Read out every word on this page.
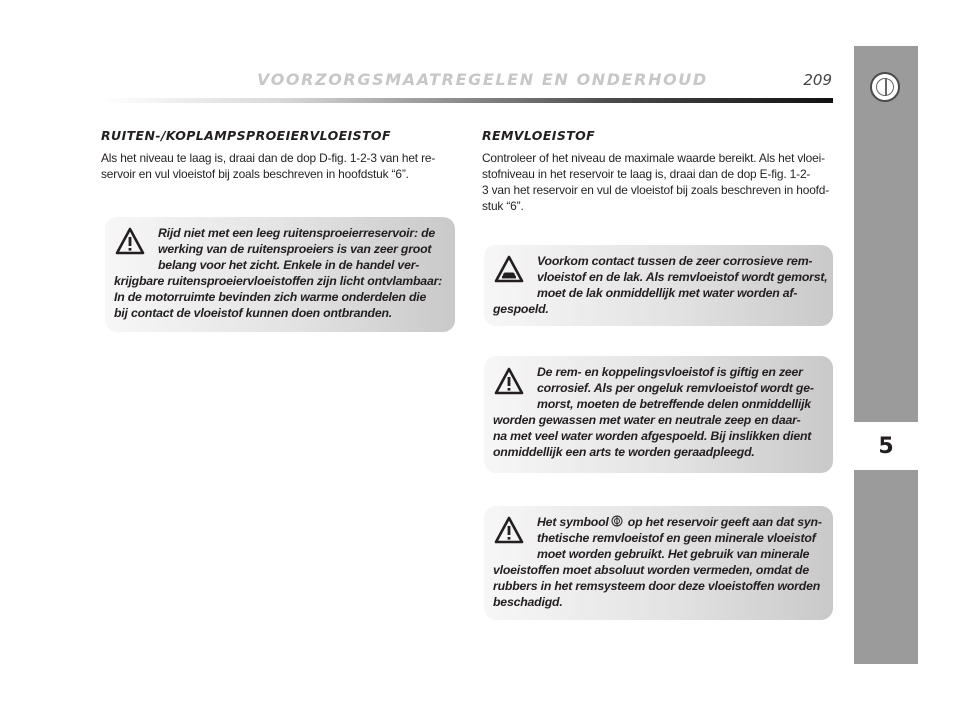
VOORZORGSMAATREGELEN EN ONDERHOUD	209
5
RUITEN-/KOPLAMPSPROEIERVLOEISTOF
Als het niveau te laag is, draai dan de dop D-fig. 1-2-3 van het re-
servoir en vul vloeistof bij zoals beschreven in hoofdstuk “6”.
Rijd niet met een leeg ruitensproeierreservoir: de
werking van de ruitensproeiers is van zeer groot
belang voor het zicht. Enkele in de handel ver-
krijgbare ruitensproeiervloeistoffen zijn licht ontvlambaar:
In de motorruimte bevinden zich warme onderdelen die
bij contact de vloeistof kunnen doen ontbranden.
REMVLOEISTOF
Controleer of het niveau de maximale waarde bereikt. Als het vloei-
stofniveau in het reservoir te laag is, draai dan de dop E-fig. 1-2-
3 van het reservoir en vul de vloeistof bij zoals beschreven in hoofd-
stuk “6”.
Voorkom contact tussen de zeer corrosieve rem-
vloeistof en de lak. Als remvloeistof wordt gemorst,
moet de lak onmiddellijk met water worden af-
gespoeld.
De rem- en koppelingsvloeistof is giftig en zeer
corrosief. Als per ongeluk remvloeistof wordt ge-
morst, moeten de betreffende delen onmiddellijk
worden gewassen met water en neutrale zeep en daar-
na met veel water worden afgespoeld. Bij inslikken dient
onmiddellijk een arts te worden geraadpleegd.
Het symbool op het reservoir geeft aan dat syn-
thetische remvloeistof en geen minerale vloeistof
moet worden gebruikt. Het gebruik van minerale
vloeistoffen moet absoluut worden vermeden, omdat de
rubbers in het remsysteem door deze vloeistoffen worden
beschadigd.
